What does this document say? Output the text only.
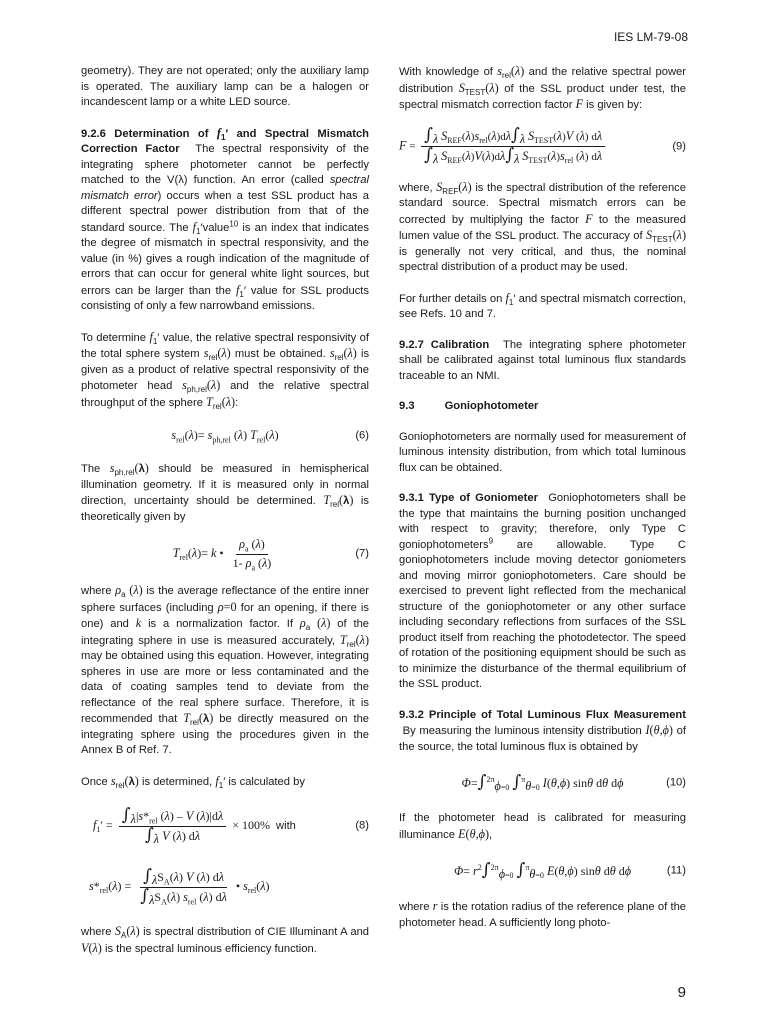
IES LM-79-08

geometry). They are not operated; only the auxiliary lamp is operated. The auxiliary lamp can be a halogen or incandescent lamp or a white LED source.

9.2.6 Determination of $f_1'$ and Spectral Mismatch Correction Factor The spectral responsivity of the integrating sphere photometer cannot be perfectly matched to the V(λ) function. An error (called spectral mismatch error) occurs when a test SSL product has a different spectral power distribution from that of the standard source. The $f_1'value^{10}$ is an index that indicates the degree of mismatch in spectral responsivity, and the value (in %) gives a rough indication of the magnitude of errors that can occur for general white light sources, but errors can be larger than the $f_1'$ value for SSL products consisting of only a few narrowband emissions.

To determine $f_1'$ value, the relative spectral responsivity of the total sphere system $s_{rel}(\lambda)$ must be obtained. $s_{rel}(\lambda)$ is given as a product of relative spectral responsivity of the photometer head $s_{ph,rel}(\lambda)$ and the relative spectral throughput of the sphere $T_{rel}(\lambda)$:

$s_{rel}(\lambda)= s_{ph,rel}$ (λ) $T_{rel}(\lambda)$	(6)

The $s_{ph,rel}(\lambda)$ should be measured in hemispherical illumination geometry. If it is measured only in normal direction, uncertainty should be determined. $T_{rel}(\lambda)$ is theoretically given by

$T_{rel}(\lambda)= k$ • $\frac{\rho_a (\lambda)}{1- \rho_a (\lambda)}$	(7)

where $\rho_a$ (λ) is the average reflectance of the entire inner sphere surfaces (including ρ=0 for an opening, if there is one) and k is a normalization factor. If $\rho_a$ (λ) of the integrating sphere in use is measured accurately, $T_{rel}(\lambda)$ may be obtained using this equation. However, integrating spheres in use are more or less contaminated and the data of coating samples tend to deviate from the reflectance of the real sphere surface. Therefore, it is recommended that $T_{rel}(\lambda)$ be directly measured on the integrating sphere using the procedures given in the Annex B of Ref. 7.

Once $s_{rel}(\lambda)$ is determined, $f_1'$ is calculated by

$f_1' = \frac{\int_\lambda|s*_{rel} (\lambda) - V (\lambda)|d\lambda}{\int_\lambda V (\lambda) d\lambda} \times 100\%$ with	(8)
$s*_{rel}(\lambda) = \frac{\int_\lambda S_A(\lambda) V (\lambda) d\lambda}{\int_\lambda S_A(\lambda) s_{rel} (\lambda) d\lambda}$ • $s_{rel}(\lambda)$

where $S_A(\lambda)$ is spectral distribution of CIE Illuminant A and V(λ) is the spectral luminous efficiency function.

With knowledge of $s_{rel}(\lambda)$ and the relative spectral power distribution $S_{TEST}(\lambda)$ of the SSL product under test, the spectral mismatch correction factor F is given by:

$F = \frac{\int_\lambda S_{REF}(\lambda)s_{rel}(\lambda)d\lambda\int_\lambda S_{TEST}(\lambda)V (\lambda) d\lambda}{\int_\lambda S_{REF}(\lambda)V(\lambda)d\lambda\int_\lambda S_{TEST}(\lambda)s_{rel} (\lambda) d\lambda}$	(9)

where, $S_{REF}(\lambda)$ is the spectral distribution of the reference standard source. Spectral mismatch errors can be corrected by multiplying the factor F to the measured lumen value of the SSL product. The accuracy of $S_{TEST}(\lambda)$ is generally not very critical, and thus, the nominal spectral distribution of a product may be used.

For further details on $f_1'$ and spectral mismatch correction, see Refs. 10 and 7.

9.2.7 Calibration The integrating sphere photometer shall be calibrated against total luminous flux standards traceable to an NMI.

9.3	Goniophotometer

Goniophotometers are normally used for measurement of luminous intensity distribution, from which total luminous flux can be obtained.

9.3.1 Type of Goniometer Goniophotometers shall be the type that maintains the burning position unchanged with respect to gravity; therefore, only Type C goniophotometers$^9$ are allowable. Type C goniophotometers include moving detector goniometers and moving mirror goniophotometers. Care should be exercised to prevent light reflected from the mechanical structure of the goniophotometer or any other surface including secondary reflections from surfaces of the SSL product itself from reaching the photodetector. The speed of rotation of the positioning equipment should be such as to minimize the disturbance of the thermal equilibrium of the SSL product.

9.3.2 Principle of Total Luminous Flux Measurement  By measuring the luminous intensity distribution I(θ,ϕ) of the source, the total luminous flux is obtained by

Φ=∫$^{2\pi}_{\phi=0}$ ∫$^\pi_{\theta=0}$ I(θ,ϕ) sinθ dθ dϕ	(10)

If the photometer head is calibrated for measuring illuminance E(θ,ϕ),

$\Phi= r^2\int^{2\pi}_{\phi=0}$ ∫$^\pi_{\theta=0}$ E(θ,ϕ) sinθ dθ dϕ	(11)

where r is the rotation radius of the reference plane of the photometer head. A sufficiently long photo-

9
